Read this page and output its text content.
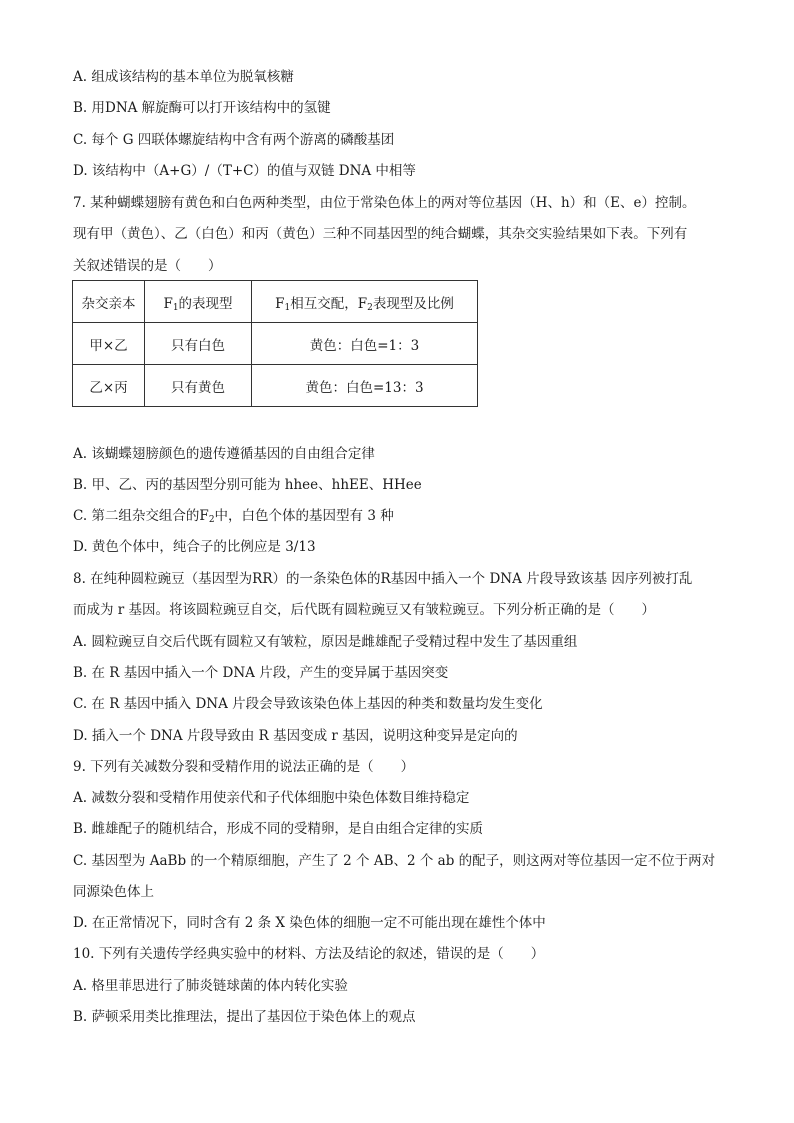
A. 组成该结构的基本单位为脱氧核糖
B. 用DNA 解旋酶可以打开该结构中的氢键
C. 每个 G 四联体螺旋结构中含有两个游离的磷酸基团
D. 该结构中（A+G）/（T+C）的值与双链 DNA 中相等
7. 某种蝴蝶翅膀有黄色和白色两种类型，由位于常染色体上的两对等位基因（H、h）和（E、e）控制。
现有甲（黄色）、乙（白色）和丙（黄色）三种不同基因型的纯合蝴蝶，其杂交实验结果如下表。下列有
关叙述错误的是（　　）
杂交亲本	$F_1$的表现型	$F_1$相互交配，$F_2$表现型及比例
甲×乙	只有白色	黄色：白色=1：3
乙×丙	只有黄色	黄色：白色=13：3
A. 该蝴蝶翅膀颜色的遗传遵循基因的自由组合定律
B. 甲、乙、丙的基因型分别可能为 hhee、hhEE、HHee
C. 第二组杂交组合的$F_2$中，白色个体的基因型有 3 种
D. 黄色个体中，纯合子的比例应是 3/13
8. 在纯种圆粒豌豆（基因型为RR）的一条染色体的R基因中插入一个 DNA 片段导致该基 因序列被打乱
而成为 r 基因。将该圆粒豌豆自交，后代既有圆粒豌豆又有皱粒豌豆。下列分析正确的是（　　）
A. 圆粒豌豆自交后代既有圆粒又有皱粒，原因是雌雄配子受精过程中发生了基因重组
B. 在 R 基因中插入一个 DNA 片段，产生的变异属于基因突变
C. 在 R 基因中插入 DNA 片段会导致该染色体上基因的种类和数量均发生变化
D. 插入一个 DNA 片段导致由 R 基因变成 r 基因，说明这种变异是定向的
9. 下列有关减数分裂和受精作用的说法正确的是（　　）
A. 减数分裂和受精作用使亲代和子代体细胞中染色体数目维持稳定
B. 雌雄配子的随机结合，形成不同的受精卵，是自由组合定律的实质
C. 基因型为 AaBb 的一个精原细胞，产生了 2 个 AB、2 个 ab 的配子，则这两对等位基因一定不位于两对
同源染色体上
D. 在正常情况下，同时含有 2 条 X 染色体的细胞一定不可能出现在雄性个体中
10. 下列有关遗传学经典实验中的材料、方法及结论的叙述，错误的是（　　）
A. 格里菲思进行了肺炎链球菌的体内转化实验
B. 萨顿采用类比推理法，提出了基因位于染色体上的观点
